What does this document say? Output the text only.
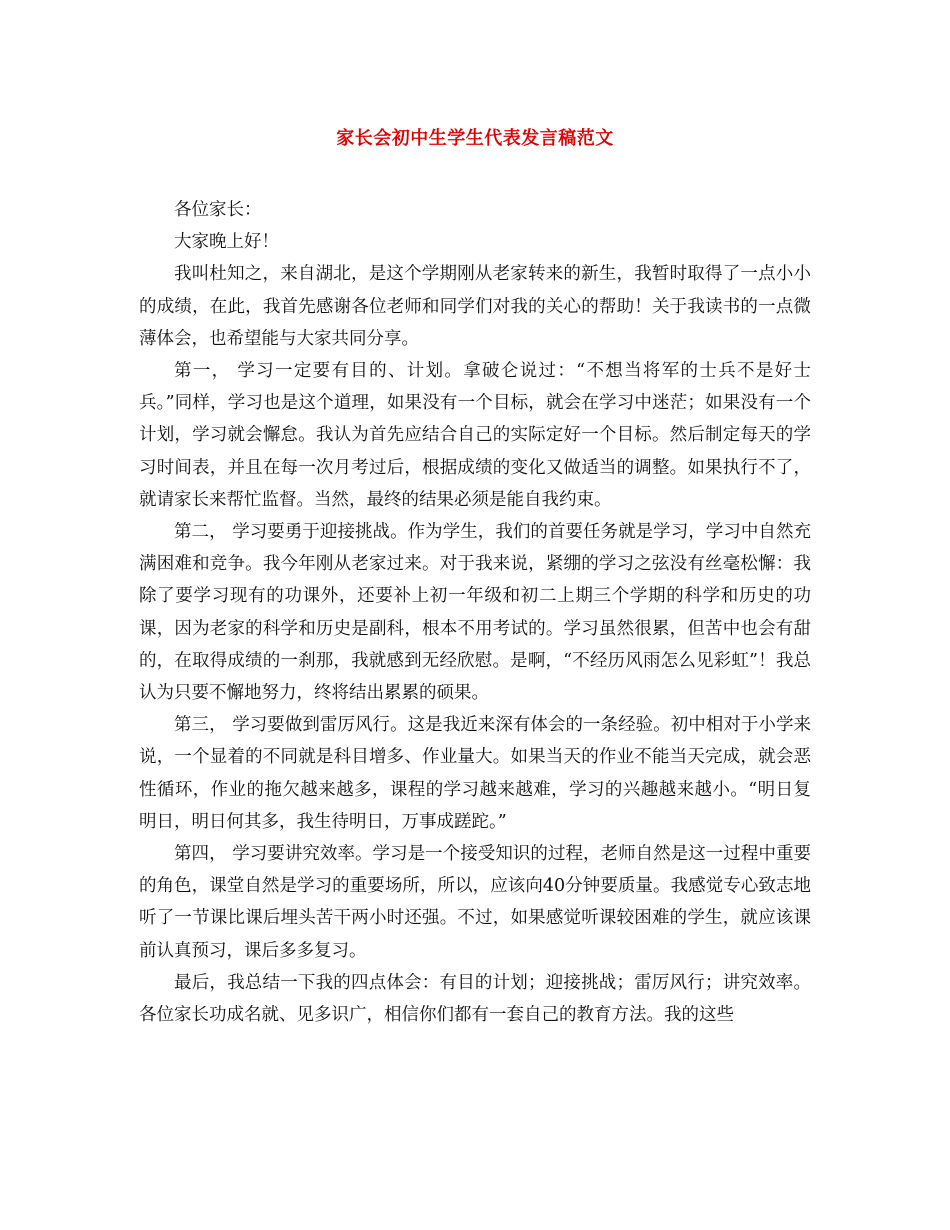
家长会初中生学生代表发言稿范文

各位家长：

大家晚上好！

我叫杜知之，来自湖北，是这个学期刚从老家转来的新生，我暂时取得了一点小小的成绩，在此，我首先感谢各位老师和同学们对我的关心的帮助！关于我读书的一点微薄体会，也希望能与大家共同分享。

第一， 学习一定要有目的、计划。拿破仑说过：“不想当将军的士兵不是好士兵。”同样，学习也是这个道理，如果没有一个目标，就会在学习中迷茫；如果没有一个计划，学习就会懈怠。我认为首先应结合自己的实际定好一个目标。然后制定每天的学习时间表，并且在每一次月考过后，根据成绩的变化又做适当的调整。如果执行不了，就请家长来帮忙监督。当然，最终的结果必须是能自我约束。

第二， 学习要勇于迎接挑战。作为学生，我们的首要任务就是学习，学习中自然充满困难和竞争。我今年刚从老家过来。对于我来说，紧绷的学习之弦没有丝毫松懈：我除了要学习现有的功课外，还要补上初一年级和初二上期三个学期的科学和历史的功课，因为老家的科学和历史是副科，根本不用考试的。学习虽然很累，但苦中也会有甜的，在取得成绩的一刹那，我就感到无经欣慰。是啊，“不经历风雨怎么见彩虹”！我总认为只要不懈地努力，终将结出累累的硕果。

第三， 学习要做到雷厉风行。这是我近来深有体会的一条经验。初中相对于小学来说，一个显着的不同就是科目增多、作业量大。如果当天的作业不能当天完成，就会恶性循环，作业的拖欠越来越多，课程的学习越来越难，学习的兴趣越来越小。“明日复明日，明日何其多，我生待明日，万事成蹉跎。”

第四， 学习要讲究效率。学习是一个接受知识的过程，老师自然是这一过程中重要的角色，课堂自然是学习的重要场所，所以，应该向40分钟要质量。我感觉专心致志地听了一节课比课后埋头苦干两小时还强。不过，如果感觉听课较困难的学生，就应该课前认真预习，课后多多复习。

最后，我总结一下我的四点体会：有目的计划；迎接挑战；雷厉风行；讲究效率。各位家长功成名就、见多识广，相信你们都有一套自己的教育方法。我的这些
